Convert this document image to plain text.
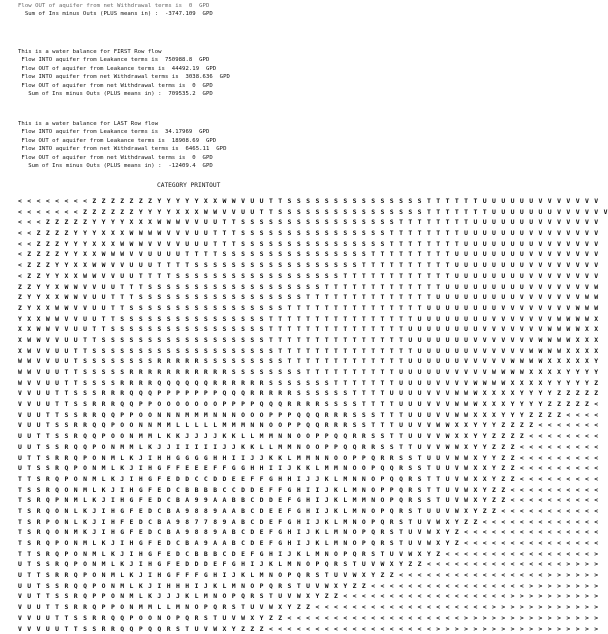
Flow OUT of aquifer from net Withdrawal terms is  0  GPD
Sum of Ins minus Outs (PLUS means in) :  -3747.109  GPD
This is a water balance for FIRST Row flow
Flow INTO aquifer from Leakance terms is  750988.8  GPD
Flow OUT of aquifer from Leakance terms is  44492.19  GPD
Flow INTO aquifer from net Withdrawal terms is  3038.636  GPD
Flow OUT of aquifer from net Withdrawal terms is  0  GPD
Sum of Ins minus Outs (PLUS means in) :  709535.2  GPD
This is a water balance for LAST Row flow
Flow INTO aquifer from Leakance terms is  34.17969  GPD
Flow OUT of aquifer from Leakance terms is  18908.69  GPD
Flow INTO aquifer from net Withdrawal terms is  6465.11  GPD
Flow OUT of aquifer from net Withdrawal terms is  0  GPD
Sum of Ins minus Outs (PLUS means in) :  -12409.4  GPD
CATEGORY PRINTOUT
< < < < < < < < Z Z Z Z Z Z Z Y Y Y Y Y X X W W V U U T T S S S S S S S S S S S S S S S T T T T T T U U U U U U V V V V V V V
< < < < < < < Z Z Z Z Z Z Y Y Y Y X X X W W V V U U T T S S S S S S S S S S S S S S S S T T T T T T T U U U U U U U V V V V V V
< < < Z Z Z Z Z Y Y Y Y X X X W W W V V U U T T S S S S S S S S S S S S S S S S S T T T T T T T T U U U U U U U V V V V V V V
< < Z Z Z Z Y Y Y X X X W W W W V V V U U T T T S S S S S S S S S S S S S S S S T T T T T T T T U U U U U U U V V V V V V V V
< < Z Z Z Y Y Y X X X W W W V V V V U U U T T T S S S S S S S S S S S S S S S S T T T T T T T T U U U U U U U U V V V V V V V
< Z Z Z Z Y Y X X W W W V V U U U U T T T T S S S S S S S S S S S S S S S S T T T T T T T T T U U U U U U U U V V V V V V V V
< Z Z Z Y Y X X W W V V U U U T T T T S S S S S S S S S S S S S S S S S S T T T T T T T T T T U U U U U U U U V V V V V V V V
< Z Z Y Y X X W W V V U U T T T T S S S S S S S S S S S S S S S S S S T T T T T T T T T T T T U U U U U U U U V V V V V V V V
Z Z Y Y X W W V V U U T T T S S S S S S S S S S S S S S S S S S S T T T T T T T T T T T T T U U U U U U U U U V V V V V V V W
Z Y Y X X W W V U U T T T S S S S S S S S S S S S S S S S S S T T T T T T T T T T T T T T U U U U U U U U U V V V V V V V W W
Z Y X X W W V V U U T T S S S S S S S S S S S S S S S S S T T T T T T T T T T T T T T T U U U U U U U U V V V V V V V V W W W
Y X X W W V V U U T T S S S S S S S S S S S S S S S S T T T T T T T T T T T T T T T T U U U U U U U U V V V V V V V W W W W X
X X W W V V U U T T S S S S S S S S S S S S S S S S S T T T T T T T T T T T T T T T U U U U U U U U V V V V V V V W W W W X X
X W W V V U U T T S S S S S S S S S S S S S S S S S S T T T T T T T T T T T T T T T U U U U U U U V V V V V V V W W W W X X X
X W V V U U T T S S S S S S S S S S S S S S S S S S S S T T T T T T T T T T T T T T T U U U U U U V V V V V V W W W W X X X X
W W V V U U T S S S S S S S S R R R R R S S S S S S S S S T T T T T T T T T T T T T U U U U U U V V V V V W W W W X X X X X Y
W W V U U T T S S S S S R R R R R R R R R R R S S S S S S S S T T T T T T T T T T U U U U U V V V V V W W W W X X X X Y Y Y Y
W V V U U T T S S S S R R R R Q Q Q Q Q Q R R R R R R S S S S S S S T T T T T T T U U U U V V V V W W W W X X X X Y Y Y Y Y Z
V V U U T T S S S R R R Q Q Q P P P P P P P Q Q Q R R R R R S S S S S S T T T T U U U U V V V W W W X X X X Y Y Y Y Z Z Z Z Z
V V U U T T S S R R R Q Q P P O O O O O O O P P P P Q Q Q R R R R S S S S T T T T U U U V V V W W W X X X Y Y Y Y Z Z Z Z Z <
V U U T T S S R R Q Q P P O O N N N M M M N N N O O O P P P Q Q Q R R R S S S T T T U U U V V W W X X X Y Y Y Z Z Z Z < < < <
V U U T S S R R Q Q P O O N N M M L L L L L M M M N N O O P P Q Q R R R S S T T T U U V V W W X X Y Y Y Z Z Z Z < < < < < < <
U U T T S S R Q Q P O O N M M L K K J J J J K K L L M M N N O O P P Q Q R R S S T T U U V V W X X Y Y Z Z Z Z < < < < < < < <
U U T S S R Q Q P O N M M L K J J I I I I I J J K K L L M M N O O P P Q Q R R S S T T U V V W W X Y Y Z Z Z < < < < < < < < <
U T T S R R Q P O N M L K J I H H G G G G H H I I J J K K L M M N N O O P P Q R R S S T U U V W W X Y Y Z Z < < < < < < < < <
U T S S R Q P O N M L K J I H G F F E E E F F G G H H I I J K K L M M N O O P Q Q R S S T U U V W X X Y Z Z < < < < < < < < <
T T S R Q P O N M L K J I H G F E D D C C D D E E F F G H H I J J K L M N N O P Q Q R S T T U V W X X Y Z Z < < < < < < < < <
T S S R Q O N M L K J I H G F E D C B B B B C C D D E F F G H I I J K L M N O P P Q R S T T U V W X Y Z Z < < < < < < < < < <
T S R Q P N M L K J I H G F E D C B A 9 9 A A B B C D D E F G H I J K L M M N O P Q R S S T U V W X Y Z Z < < < < < < < < < <
T S R Q O N L K J I H G F E D C B A 9 8 8 9 A A B C D E E F G H I J K L M N O P Q R S T U U V W X Y Z Z < < < < < < < < < < <
T S R P O N L K J I H F E D C B A 9 8 7 7 8 9 A B C D E F G H I J K L M N O P Q R S T U V W X Y Z Z < < < < < < < < < < < < <
T S R Q O N M K J I H G F E D C B A 9 8 8 9 A B C D E F G H I J K L M N O P Q R S T U V W X Y Z < < < < < < < < < < < < < < <
T S R Q P O N M L K J I H G F E D C B A 9 A A B C D E F G H I J K L M N O P Q R S T U V W X Y Z < < < < < < < < < < < < < < <
T T S R Q P O N M L K J I H G F E D C B B B C D E F G H I J K L M N O P Q R S T U V W X Y Z < < < < < < < < < < < < < < < < >
U T S S R Q P O N M L K J I H G F E D D D E F G H I J K L M N O P Q R S T U V W X Y Z Z < < < < < < < < < < < < < < < > > > >
U T T S R R Q P O N M L K J I H G F F F G H I J K L M N O P Q R S T U V W X Y Z Z < < < < < < < < < < < < < < < < > > > > > >
U U T S S R Q Q P O N M L K J I H H H I J K L M N O P Q R S T U V W X Y Z Z < < < < < < < < < < < < < < < < < > > > > > > > >
V U T T S S R Q P P O N M L K J J J K L M N O P Q R S T U V W X Y Z Z < < < < < < < < < < < < < < < < < < > > > > > > > > > >
V U U T T S R R Q P P O N M M L L M N O P Q R S T U V W X Y Z Z < < < < < < < < < < < < < < < < < < < > > > > > > > > > > > >
V V U U T T S S R R Q Q P O O N O P Q R S T U V W X Y Z Z < < < < < < < < < < < < < < < < < < < > > > > > > > > > > > > > > >
V V V U U T T S S R R Q Q P Q Q R S T U V W X Y Z Z Z < < < < < < < < < < < < < < < < < < > > > > > > > > > > > > > > > > > >
